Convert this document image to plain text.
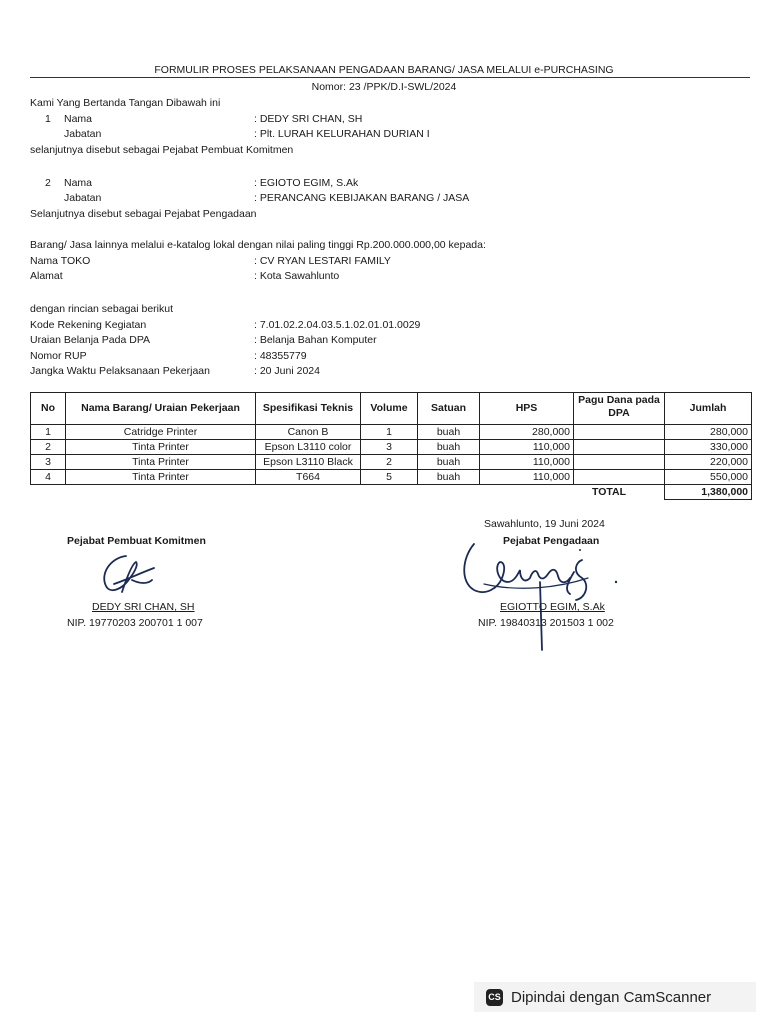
FORMULIR PROSES PELAKSANAAN PENGADAAN BARANG/ JASA MELALUI e-PURCHASING
Nomor: 23 /PPK/D.I-SWL/2024
Kami Yang Bertanda Tangan Dibawah ini
1 Nama	: DEDY SRI CHAN, SH
Jabatan	: Plt. LURAH KELURAHAN DURIAN I
selanjutnya disebut sebagai Pejabat Pembuat Komitmen
2 Nama	: EGIOTO EGIM, S.Ak
Jabatan	: PERANCANG KEBIJAKAN BARANG / JASA
Selanjutnya disebut sebagai Pejabat Pengadaan
Barang/ Jasa lainnya melalui e-katalog lokal dengan nilai paling tinggi Rp.200.000.000,00 kepada:
Nama TOKO	: CV RYAN LESTARI FAMILY
Alamat	: Kota Sawahlunto
dengan rincian sebagai berikut
Kode Rekening Kegiatan	: 7.01.02.2.04.03.5.1.02.01.01.0029
Uraian Belanja Pada DPA	: Belanja Bahan Komputer
Nomor RUP	: 48355779
Jangka Waktu Pelaksanaan Pekerjaan	: 20 Juni 2024
No	Nama Barang/ Uraian Pekerjaan	Spesifikasi Teknis	Volume	Satuan	HPS	Pagu Dana pada DPA	Jumlah
1	Catridge Printer	Canon B	1	buah	280,000		280,000
2	Tinta Printer	Epson L3110 color	3	buah	110,000		330,000
3	Tinta Printer	Epson L3110 Black	2	buah	110,000		220,000
4	Tinta Printer	T664	5	buah	110,000		550,000
					TOTAL		1,380,000
Sawahlunto, 19 Juni 2024
Pejabat Pembuat Komitmen
DEDY SRI CHAN, SH
NIP. 19770203 200701 1 007
Pejabat Pengadaan
EGIOTTO EGIM, S.Ak
NIP. 19840313 201503 1 002
CS Dipindai dengan CamScanner
